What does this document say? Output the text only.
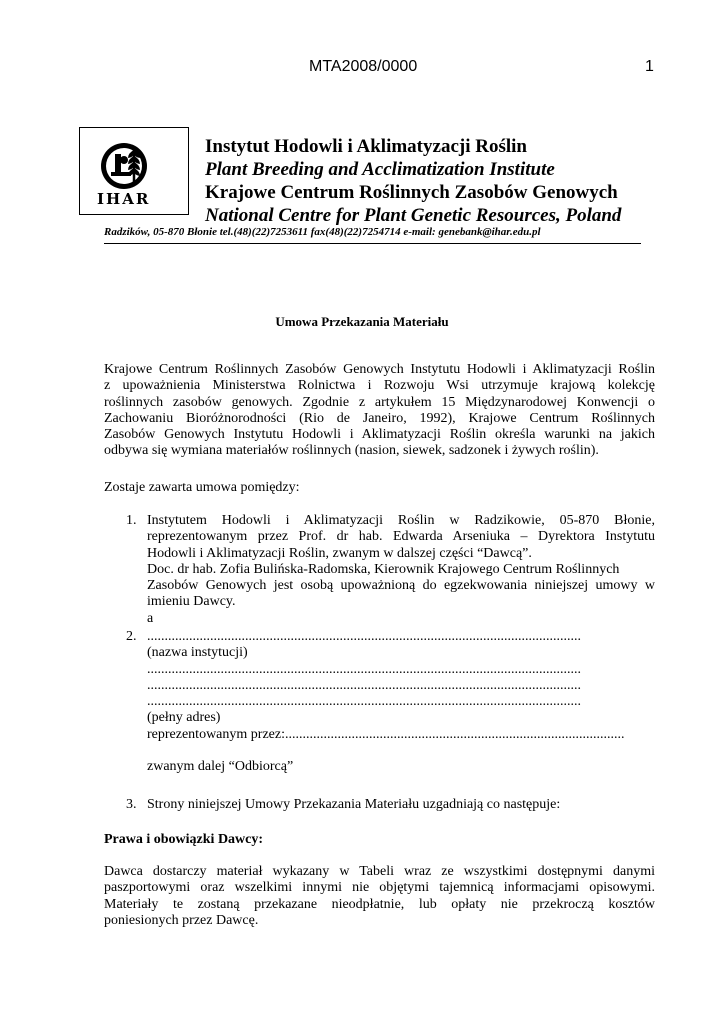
MTA2008/0000	1
IHAR
Instytut Hodowli i Aklimatyzacji Roślin
Plant Breeding and Acclimatization Institute
Krajowe Centrum Roślinnych Zasobów Genowych
National Centre for Plant Genetic Resources, Poland
Radzików, 05-870 Błonie tel.(48)(22)7253611 fax(48)(22)7254714 e-mail: genebank@ihar.edu.pl
Umowa Przekazania Materiału
Krajowe Centrum Roślinnych Zasobów Genowych Instytutu Hodowli i Aklimatyzacji Roślin
z upoważnienia Ministerstwa Rolnictwa i Rozwoju Wsi utrzymuje krajową kolekcję
roślinnych zasobów genowych. Zgodnie z artykułem 15 Międzynarodowej Konwencji o
Zachowaniu Bioróżnorodności (Rio de Janeiro, 1992), Krajowe Centrum Roślinnych
Zasobów Genowych Instytutu Hodowli i Aklimatyzacji Roślin określa warunki na jakich
odbywa się wymiana materiałów roślinnych (nasion, siewek, sadzonek i żywych roślin).
Zostaje zawarta umowa pomiędzy:
1. Instytutem Hodowli i Aklimatyzacji Roślin w Radzikowie, 05-870 Błonie,
reprezentowanym przez Prof. dr hab. Edwarda Arseniuka – Dyrektora Instytutu
Hodowli i Aklimatyzacji Roślin, zwanym w dalszej części “Dawcą”.
Doc. dr hab. Zofia Bulińska-Radomska, Kierownik Krajowego Centrum Roślinnych
Zasobów Genowych jest osobą upoważnioną do egzekwowania niniejszej umowy w
imieniu Dawcy.
a
2. ............................................................................................................................
(nazwa instytucji)
............................................................................................................................
............................................................................................................................
............................................................................................................................
(pełny adres)
reprezentowanym przez:.................................................................................................
zwanym dalej “Odbiorcą”
3. Strony niniejszej Umowy Przekazania Materiału uzgadniają co następuje:
Prawa i obowiązki Dawcy:
Dawca dostarczy materiał wykazany w Tabeli wraz ze wszystkimi dostępnymi danymi
paszportowymi oraz wszelkimi innymi nie objętymi tajemnicą informacjami opisowymi.
Materiały te zostaną przekazane nieodpłatnie, lub opłaty nie przekroczą kosztów
poniesionych przez Dawcę.
